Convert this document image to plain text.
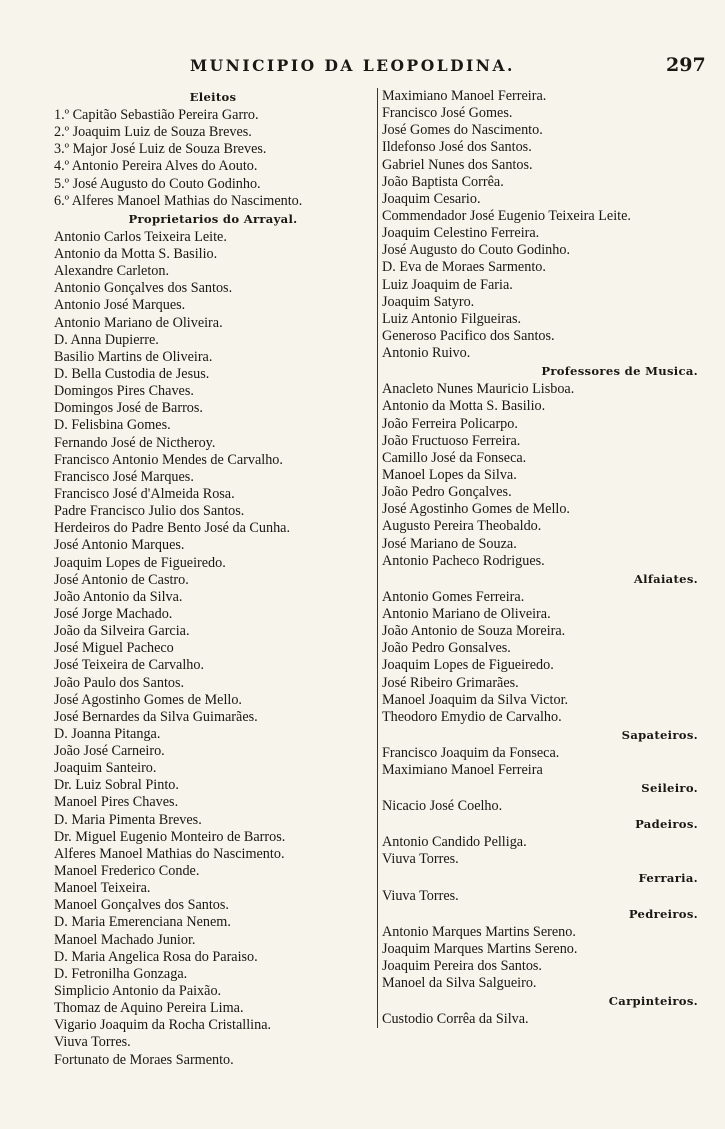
MUNICIPIO DA LEOPOLDINA.	297
Eleitos
1.º Capitão Sebastião Pereira Garro.
2.º Joaquim Luiz de Souza Breves.
3.º Major José Luiz de Souza Breves.
4.º Antonio Pereira Alves do Aouto.
5.º José Augusto do Couto Godinho.
6.º Alferes Manoel Mathias do Nascimento.
Proprietarios do Arrayal.
Antonio Carlos Teixeira Leite.
Antonio da Motta S. Basilio.
Alexandre Carleton.
Antonio Gonçalves dos Santos.
Antonio José Marques.
Antonio Mariano de Oliveira.
D. Anna Dupierre.
Basilio Martins de Oliveira.
D. Bella Custodia de Jesus.
Domingos Pires Chaves.
Domingos José de Barros.
D. Felisbina Gomes.
Fernando José de Nictheroy.
Francisco Antonio Mendes de Carvalho.
Francisco José Marques.
Francisco José d'Almeida Rosa.
Padre Francisco Julio dos Santos.
Herdeiros do Padre Bento José da Cunha.
José Antonio Marques.
Joaquim Lopes de Figueiredo.
José Antonio de Castro.
João Antonio da Silva.
José Jorge Machado.
João da Silveira Garcia.
José Miguel Pacheco
José Teixeira de Carvalho.
João Paulo dos Santos.
José Agostinho Gomes de Mello.
José Bernardes da Silva Guimarães.
D. Joanna Pitanga.
João José Carneiro.
Joaquim Santeiro.
Dr. Luiz Sobral Pinto.
Manoel Pires Chaves.
D. Maria Pimenta Breves.
Dr. Miguel Eugenio Monteiro de Barros.
Alferes Manoel Mathias do Nascimento.
Manoel Frederico Conde.
Manoel Teixeira.
Manoel Gonçalves dos Santos.
D. Maria Emerenciana Nenem.
Manoel Machado Junior.
D. Maria Angelica Rosa do Paraiso.
D. Fetronilha Gonzaga.
Simplicio Antonio da Paixão.
Thomaz de Aquino Pereira Lima.
Vigario Joaquim da Rocha Cristallina.
Viuva Torres.
Fortunato de Moraes Sarmento.
Maximiano Manoel Ferreira.
Francisco José Gomes.
José Gomes do Nascimento.
Ildefonso José dos Santos.
Gabriel Nunes dos Santos.
João Baptista Corrêa.
Joaquim Cesario.
Commendador José Eugenio Teixeira Leite.
Joaquim Celestino Ferreira.
José Augusto do Couto Godinho.
D. Eva de Moraes Sarmento.
Luiz Joaquim de Faria.
Joaquim Satyro.
Luiz Antonio Filgueiras.
Generoso Pacifico dos Santos.
Antonio Ruivo.
Professores de Musica.
Anacleto Nunes Mauricio Lisboa.
Antonio da Motta S. Basilio.
João Ferreira Policarpo.
João Fructuoso Ferreira.
Camillo José da Fonseca.
Manoel Lopes da Silva.
João Pedro Gonçalves.
José Agostinho Gomes de Mello.
Augusto Pereira Theobaldo.
José Mariano de Souza.
Antonio Pacheco Rodrigues.
Alfaiates.
Antonio Gomes Ferreira.
Antonio Mariano de Oliveira.
João Antonio de Souza Moreira.
João Pedro Gonsalves.
Joaquim Lopes de Figueiredo.
José Ribeiro Grimarães.
Manoel Joaquim da Silva Victor.
Theodoro Emydio de Carvalho.
Sapateiros.
Francisco Joaquim da Fonseca.
Maximiano Manoel Ferreira
Seileiro.
Nicacio José Coelho.
Padeiros.
Antonio Candido Pelliga.
Viuva Torres.
Ferraria.
Viuva Torres.
Pedreiros.
Antonio Marques Martins Sereno.
Joaquim Marques Martins Sereno.
Joaquim Pereira dos Santos.
Manoel da Silva Salgueiro.
Carpinteiros.
Custodio Corrêa da Silva.
